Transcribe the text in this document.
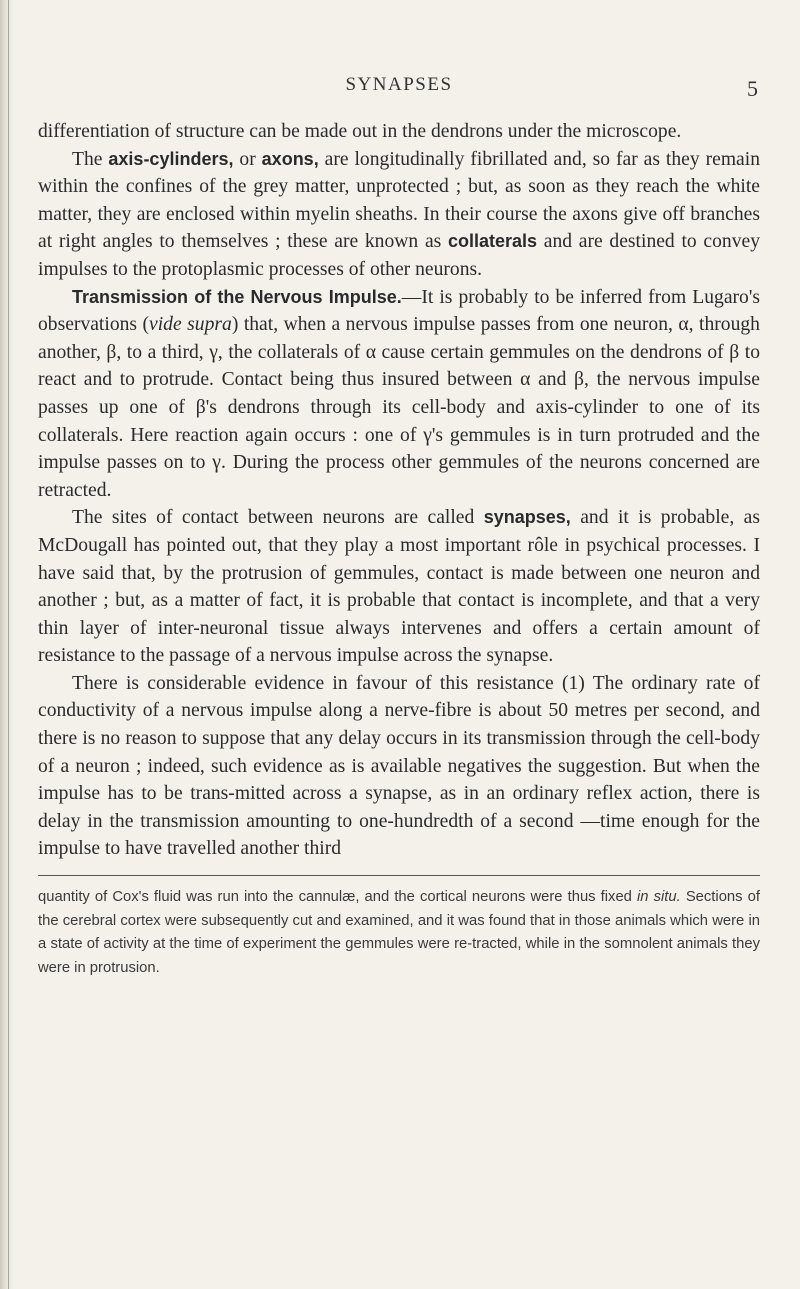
SYNAPSES	5

differentiation of structure can be made out in the dendrons under the microscope.

The axis-cylinders, or axons, are longitudinally fibrillated and, so far as they remain within the confines of the grey matter, unprotected ; but, as soon as they reach the white matter, they are enclosed within myelin sheaths. In their course the axons give off branches at right angles to themselves ; these are known as collaterals and are destined to convey impulses to the protoplasmic processes of other neurons.

Transmission of the Nervous Impulse.—It is probably to be inferred from Lugaro's observations (vide supra) that, when a nervous impulse passes from one neuron, α, through another, β, to a third, γ, the collaterals of α cause certain gemmules on the dendrons of β to react and to protrude. Contact being thus insured between α and β, the nervous impulse passes up one of β's dendrons through its cell-body and axis-cylinder to one of its collaterals. Here reaction again occurs : one of γ's gemmules is in turn protruded and the impulse passes on to γ. During the process other gemmules of the neurons concerned are retracted.

The sites of contact between neurons are called synapses, and it is probable, as McDougall has pointed out, that they play a most important rôle in psychical processes. I have said that, by the protrusion of gemmules, contact is made between one neuron and another ; but, as a matter of fact, it is probable that contact is incomplete, and that a very thin layer of inter-neuronal tissue always intervenes and offers a certain amount of resistance to the passage of a nervous impulse across the synapse.

There is considerable evidence in favour of this resistance (1) The ordinary rate of conductivity of a nervous impulse along a nerve-fibre is about 50 metres per second, and there is no reason to suppose that any delay occurs in its transmission through the cell-body of a neuron ; indeed, such evidence as is available negatives the suggestion. But when the impulse has to be trans-mitted across a synapse, as in an ordinary reflex action, there is delay in the transmission amounting to one-hundredth of a second —time enough for the impulse to have travelled another third

quantity of Cox's fluid was run into the cannulæ, and the cortical neurons were thus fixed in situ. Sections of the cerebral cortex were subsequently cut and examined, and it was found that in those animals which were in a state of activity at the time of experiment the gemmules were re-tracted, while in the somnolent animals they were in protrusion.
